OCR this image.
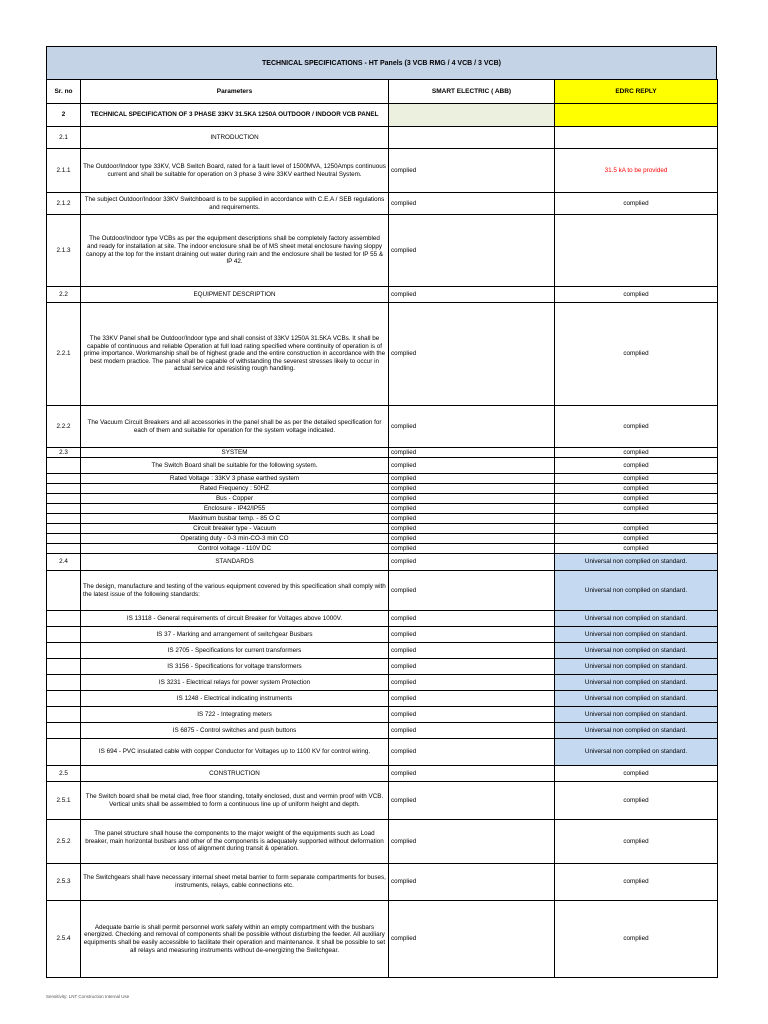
TECHNICAL SPECIFICATIONS - HT Panels (3 VCB RMG / 4 VCB / 3 VCB)
Sr. no	Parameters	SMART ELECTRIC ( ABB)	EDRC REPLY
2	TECHNICAL SPECIFICATION OF 3 PHASE 33KV 31.5KA 1250A OUTDOOR / INDOOR VCB PANEL		
2.1	INTRODUCTION		
2.1.1	The Outdoor/Indoor type 33KV, VCB Switch Board, rated for a fault level of 1500MVA, 1250Amps continuous current and shall be suitable for operation on 3 phase 3 wire 33KV earthed Neutral System.	complied	31.5 kA to be provided
2.1.2	The subject Outdoor/Indoor 33KV Switchboard is to be supplied in accordance with C.E.A / SEB regulations and requirements.	complied	complied
2.1.3	The Outdoor/Indoor type VCBs as per the equipment descriptions shall be completely factory assembled and ready for installation at site. The indoor enclosure shall be of MS sheet metal enclosure having sloppy canopy at the top for the instant draining out water during rain and the enclosure shall be tested for IP 55 & IP 42.	complied	
2.2	EQUIPMENT DESCRIPTION	complied	complied
2.2.1	The 33KV Panel shall be Outdoor/Indoor type and shall consist of 33KV 1250A 31.5KA VCBs. It shall be capable of continuous and reliable Operation at full load rating specified where continuity of operation is of prime importance. Workmanship shall be of highest grade and the entire construction in accordance with the best modern practice. The panel shall be capable of withstanding the severest stresses likely to occur in actual service and resisting rough handling.	complied	complied
2.2.2	The Vacuum Circuit Breakers and all accessories in the panel shall be as per the detailed specification for each of them and suitable for operation for the system voltage indicated.	complied	complied
2.3	SYSTEM	complied	complied
	The Switch Board shall be suitable for the following system.	complied	complied
	Rated Voltage : 33KV 3 phase earthed system	complied	complied
	Rated Frequency : 50HZ	complied	complied
	Bus - Copper	complied	complied
	Enclosure - IP42/IP55	complied	complied
	Maximum busbar temp. - 85 O C	complied	
	Circuit breaker type - Vacuum	complied	complied
	Operating duty - 0-3 min-CO-3 min CO	complied	complied
	Control voltage - 110V DC	complied	complied
2.4	STANDARDS	complied	Universal non complied on standard.
	The design, manufacture and testing of the various equipment covered by this specification shall comply with the latest issue of the following standards:	complied	Universal non complied on standard.
	IS 13118 - General requirements of circuit Breaker for Voltages above 1000V.	complied	Universal non complied on standard.
	IS 37 - Marking and arrangement of switchgear Busbars	complied	Universal non complied on standard.
	IS 2705 - Specifications for current transformers	complied	Universal non complied on standard.
	IS 3156 - Specifications for voltage transformers	complied	Universal non complied on standard.
	IS 3231 - Electrical relays for power system Protection	complied	Universal non complied on standard.
	IS 1248 - Electrical indicating instruments	complied	Universal non complied on standard.
	IS 722 - Integrating meters	complied	Universal non complied on standard.
	IS 6875 - Control switches and push buttons	complied	Universal non complied on standard.
	IS 694 - PVC insulated cable with copper Conductor for Voltages up to 1100 KV for control wiring.	complied	Universal non complied on standard.
2.5	CONSTRUCTION	complied	complied
2.5.1	The Switch board shall be metal clad, free floor standing, totally enclosed, dust and vermin proof with VCB. Vertical units shall be assembled to form a continuous line up of uniform height and depth.	complied	complied
2.5.2	The panel structure shall house the components to the major weight of the equipments such as Load breaker, main horizontal busbars and other of the components is adequately supported without deformation or loss of alignment during transit & operation.	complied	complied
2.5.3	The Switchgears shall have necessary internal sheet metal barrier to form separate compartments for buses, instruments, relays, cable connections etc.	complied	complied
2.5.4	Adequate barrie is shall permit personnel work safely within an empty compartment with the busbars energized. Checking and removal of components shall be possible without disturbing the feeder. All auxiliary equipments shall be easily accessible to facilitate their operation and maintenance. It shall be possible to set all relays and measuring instruments without de-energizing the Switchgear.	complied	complied
Sensitivity: LNT Construction Internal Use
